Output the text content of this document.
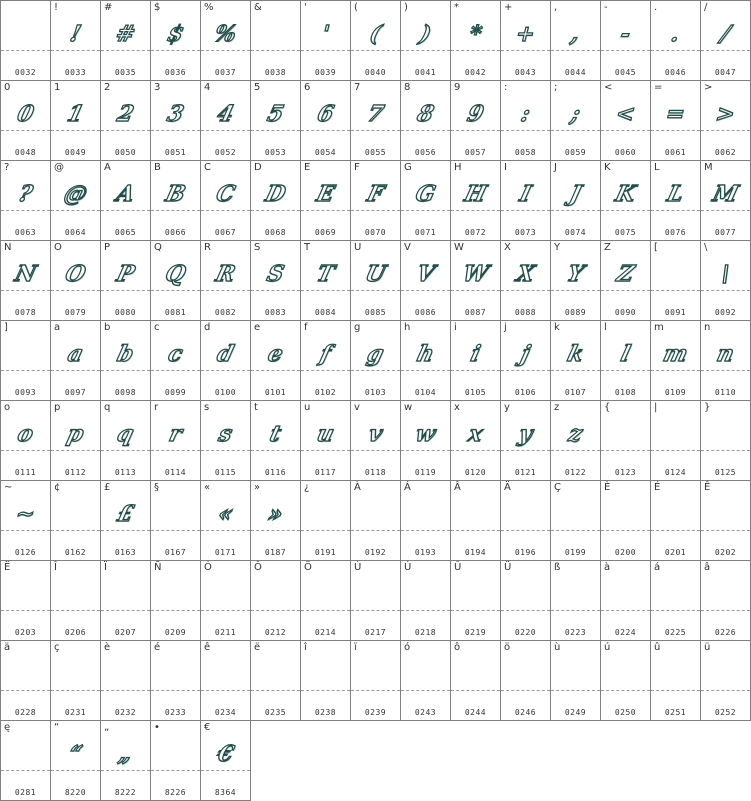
0032
!
!
0033
#
#
0035
$
$
0036
%
%
0037
&
0038
'
'
0039
(
(
0040
)
)
0041
*
*
0042
+
+
0043
,
,
0044
-
-
0045
.
.
0046
/
/
0047
0
0
0048
1
1
0049
2
2
0050
3
3
0051
4
4
0052
5
5
0053
6
6
0054
7
7
0055
8
8
0056
9
9
0057
:
:
0058
;
;
0059
<
<
0060
=
=
0061
>
>
0062
?
?
0063
@
@
0064
A
A
0065
B
B
0066
C
C
0067
D
D
0068
E
E
0069
F
F
0070
G
G
0071
H
H
0072
I
I
0073
J
J
0074
K
K
0075
L
L
0076
M
M
0077
N
N
0078
O
O
0079
P
P
0080
Q
Q
0081
R
R
0082
S
S
0083
T
T
0084
U
U
0085
V
V
0086
W
W
0087
X
X
0088
Y
Y
0089
Z
Z
0090
[
0091
\
\
0092
]
0093
a
a
0097
b
b
0098
c
c
0099
d
d
0100
e
e
0101
f
f
0102
g
g
0103
h
h
0104
i
i
0105
j
j
0106
k
k
0107
l
l
0108
m
m
0109
n
n
0110
o
o
0111
p
p
0112
q
q
0113
r
r
0114
s
s
0115
t
t
0116
u
u
0117
v
v
0118
w
w
0119
x
x
0120
y
y
0121
z
z
0122
{
0123
|
0124
}
0125
~
~
0126
¢
0162
£
£
0163
§
0167
«
«
0171
»
»
0187
¿
0191
À
0192
Á
0193
Â
0194
Ä
0196
Ç
0199
È
0200
É
0201
Ê
0202
Ë
0203
Î
0206
Ï
0207
Ñ
0209
Ó
0211
Ô
0212
Ö
0214
Ù
0217
Ú
0218
Û
0219
Ü
0220
ß
0223
à
0224
á
0225
â
0226
ä
0228
ç
0231
è
0232
é
0233
ê
0234
ë
0235
î
0238
ï
0239
ó
0243
ô
0244
ö
0246
ù
0249
ú
0250
û
0251
ü
0252
ę
0281
“
“
8220
„
„
8222
•
8226
€
€
8364
